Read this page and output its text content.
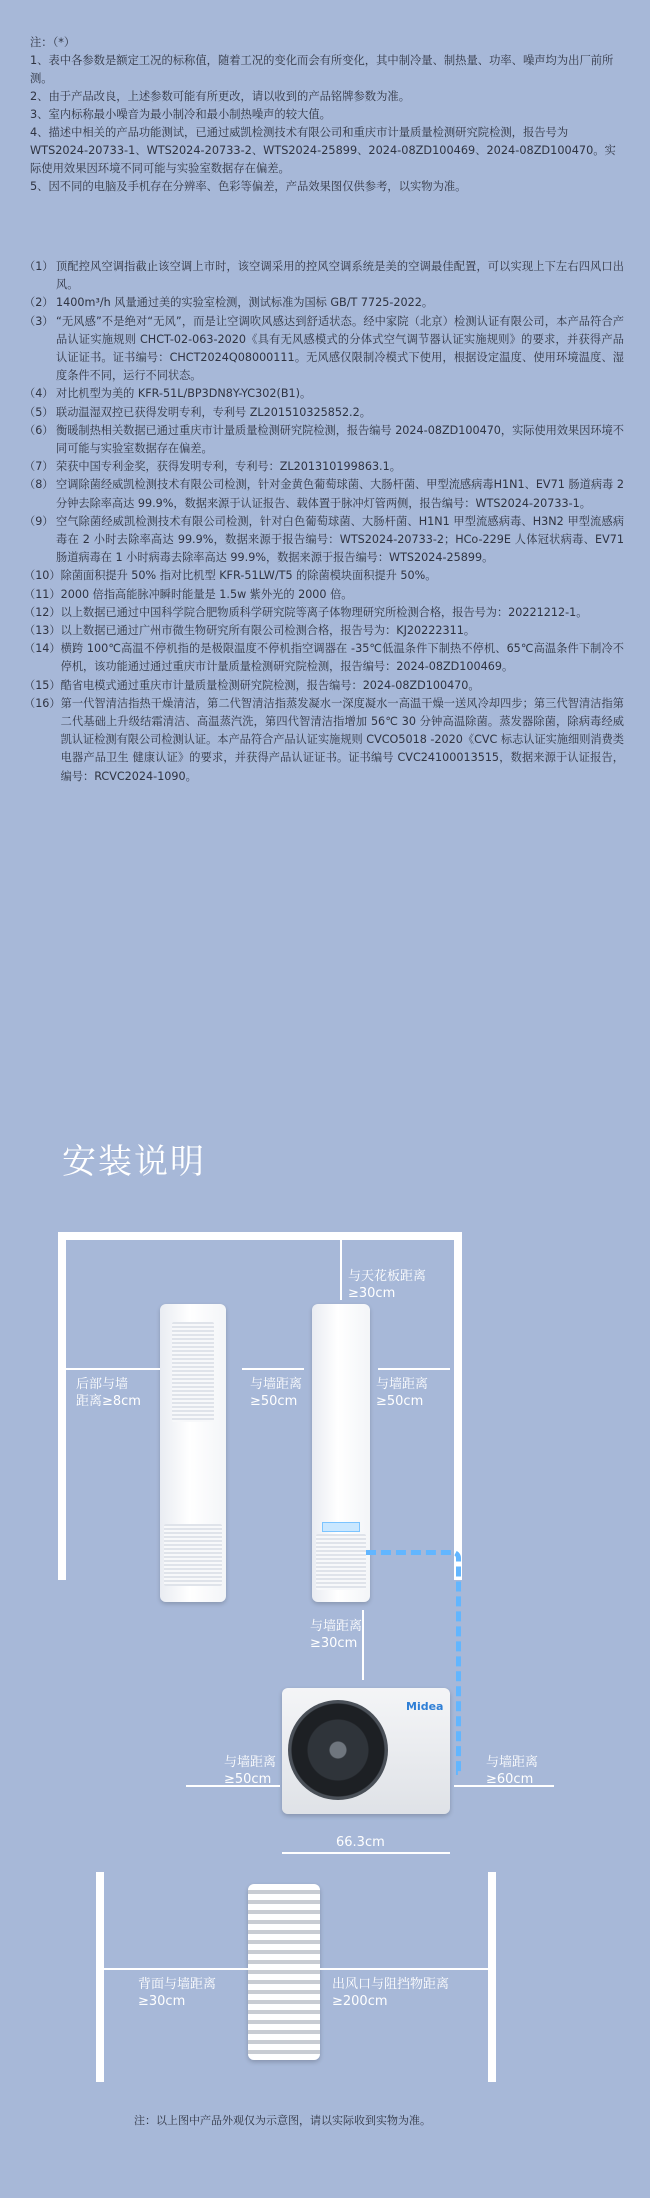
注：（*）

1、表中各参数是额定工况的标称值，随着工况的变化而会有所变化，其中制冷量、制热量、功率、噪声均为出厂前所测。

2、由于产品改良，上述参数可能有所更改，请以收到的产品铭牌参数为准。

3、室内标称最小噪音为最小制冷和最小制热噪声的较大值。

4、描述中相关的产品功能测试，已通过威凯检测技术有限公司和重庆市计量质量检测研究院检测，报告号为WTS2024-20733-1、WTS2024-20733-2、WTS2024-25899、2024-08ZD100469、2024-08ZD100470。实际使用效果因环境不同可能与实验室数据存在偏差。

5、因不同的电脑及手机存在分辨率、色彩等偏差，产品效果图仅供参考，以实物为准。

（1） 顶配控风空调指截止该空调上市时，该空调采用的控风空调系统是美的空调最佳配置，可以实现上下左右四风口出风。
（2） 1400m³/h 风量通过美的实验室检测，测试标准为国标 GB/T 7725-2022。
（3） “无风感”不是绝对“无风”，而是让空调吹风感达到舒适状态。经中家院（北京）检测认证有限公司，本产品符合产品认证实施规则 CHCT-02-063-2020《具有无风感模式的分体式空气调节器认证实施规则》的要求，并获得产品认证证书。证书编号：CHCT2024Q08000111。无风感仅限制冷模式下使用，根据设定温度、使用环境温度、湿度条件不同，运行不同状态。
（4） 对比机型为美的 KFR-51L/BP3DN8Y-YC302(B1)。
（5） 联动温湿双控已获得发明专利，专利号 ZL201510325852.2。
（6） 衡暖制热相关数据已通过重庆市计量质量检测研究院检测，报告编号 2024-08ZD100470，实际使用效果因环境不同可能与实验室数据存在偏差。
（7） 荣获中国专利金奖，获得发明专利，专利号：ZL201310199863.1。
（8） 空调除菌经威凯检测技术有限公司检测，针对金黄色葡萄球菌、大肠杆菌、甲型流感病毒H1N1、EV71 肠道病毒 2 分钟去除率高达 99.9%，数据来源于认证报告、载体置于脉冲灯管两侧，报告编号：WTS2024-20733-1。
（9） 空气除菌经威凯检测技术有限公司检测，针对白色葡萄球菌、大肠杆菌、H1N1 甲型流感病毒、H3N2 甲型流感病毒在 2 小时去除率高达 99.9%，数据来源于报告编号：WTS2024-20733-2；HCo-229E 人体冠状病毒、EV71 肠道病毒在 1 小时病毒去除率高达 99.9%，数据来源于报告编号：WTS2024-25899。
（10） 除菌面积提升 50% 指对比机型 KFR-51LW/T5 的除菌模块面积提升 50%。
（11） 2000 倍指高能脉冲瞬时能量是 1.5w 紫外光的 2000 倍。
（12） 以上数据已通过中国科学院合肥物质科学研究院等离子体物理研究所检测合格，报告号为：20221212-1。
（13） 以上数据已通过广州市微生物研究所有限公司检测合格，报告号为：KJ20222311。
（14） 横跨 100℃高温不停机指的是极限温度不停机指空调器在 -35℃低温条件下制热不停机、65℃高温条件下制冷不停机，该功能通过通过重庆市计量质量检测研究院检测，报告编号：2024-08ZD100469。
（15） 酷省电模式通过重庆市计量质量检测研究院检测，报告编号：2024-08ZD100470。
（16） 第一代智清洁指热干燥清洁，第二代智清洁指蒸发凝水一深度凝水一高温干燥一送风冷却四步；第三代智清洁指第二代基础上升级结霜清洁、高温蒸汽洗，第四代智清洁指增加 56℃ 30 分钟高温除菌。蒸发器除菌，除病毒经威凯认证检测有限公司检测认证。本产品符合产品认证实施规则 CVCO5018 -2020《CVC 标志认证实施细则消费类电器产品卫生 健康认证》的要求，并获得产品认证证书。证书编号 CVC24100013515，数据来源于认证报告，编号：RCVC2024-1090。
安装说明
与天花板距离
≥30cm
后部与墙
距离≥8cm
与墙距离
≥50cm
与墙距离
≥50cm
与墙距离
≥30cm
Midea
与墙距离
≥50cm
与墙距离
≥60cm
66.3cm
背面与墙距离
≥30cm
出风口与阻挡物距离
≥200cm
注：以上图中产品外观仅为示意图，请以实际收到实物为准。
